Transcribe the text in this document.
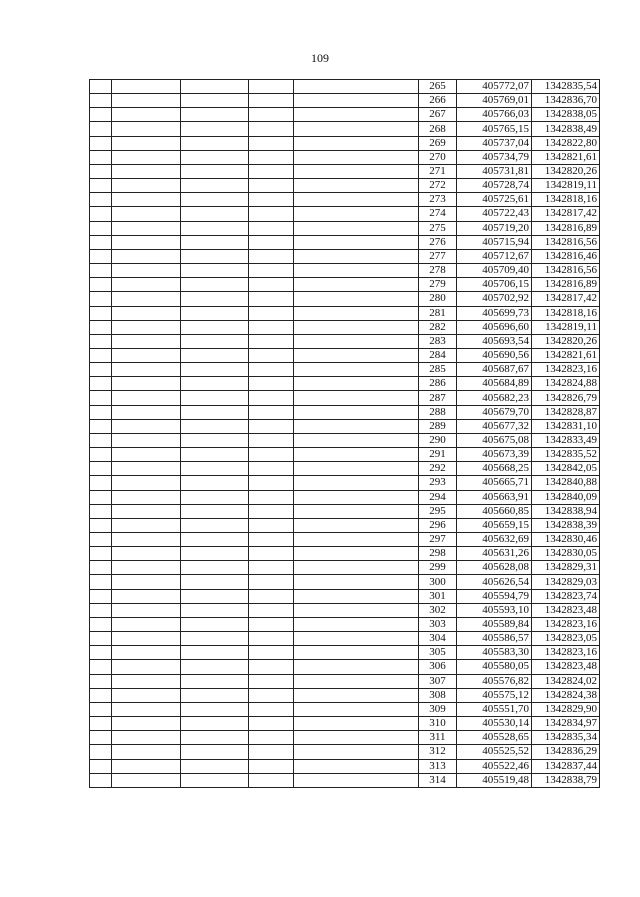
109
					265	405772,07	1342835,54
					266	405769,01	1342836,70
					267	405766,03	1342838,05
					268	405765,15	1342838,49
					269	405737,04	1342822,80
					270	405734,79	1342821,61
					271	405731,81	1342820,26
					272	405728,74	1342819,11
					273	405725,61	1342818,16
					274	405722,43	1342817,42
					275	405719,20	1342816,89
					276	405715,94	1342816,56
					277	405712,67	1342816,46
					278	405709,40	1342816,56
					279	405706,15	1342816,89
					280	405702,92	1342817,42
					281	405699,73	1342818,16
					282	405696,60	1342819,11
					283	405693,54	1342820,26
					284	405690,56	1342821,61
					285	405687,67	1342823,16
					286	405684,89	1342824,88
					287	405682,23	1342826,79
					288	405679,70	1342828,87
					289	405677,32	1342831,10
					290	405675,08	1342833,49
					291	405673,39	1342835,52
					292	405668,25	1342842,05
					293	405665,71	1342840,88
					294	405663,91	1342840,09
					295	405660,85	1342838,94
					296	405659,15	1342838,39
					297	405632,69	1342830,46
					298	405631,26	1342830,05
					299	405628,08	1342829,31
					300	405626,54	1342829,03
					301	405594,79	1342823,74
					302	405593,10	1342823,48
					303	405589,84	1342823,16
					304	405586,57	1342823,05
					305	405583,30	1342823,16
					306	405580,05	1342823,48
					307	405576,82	1342824,02
					308	405575,12	1342824,38
					309	405551,70	1342829,90
					310	405530,14	1342834,97
					311	405528,65	1342835,34
					312	405525,52	1342836,29
					313	405522,46	1342837,44
					314	405519,48	1342838,79
